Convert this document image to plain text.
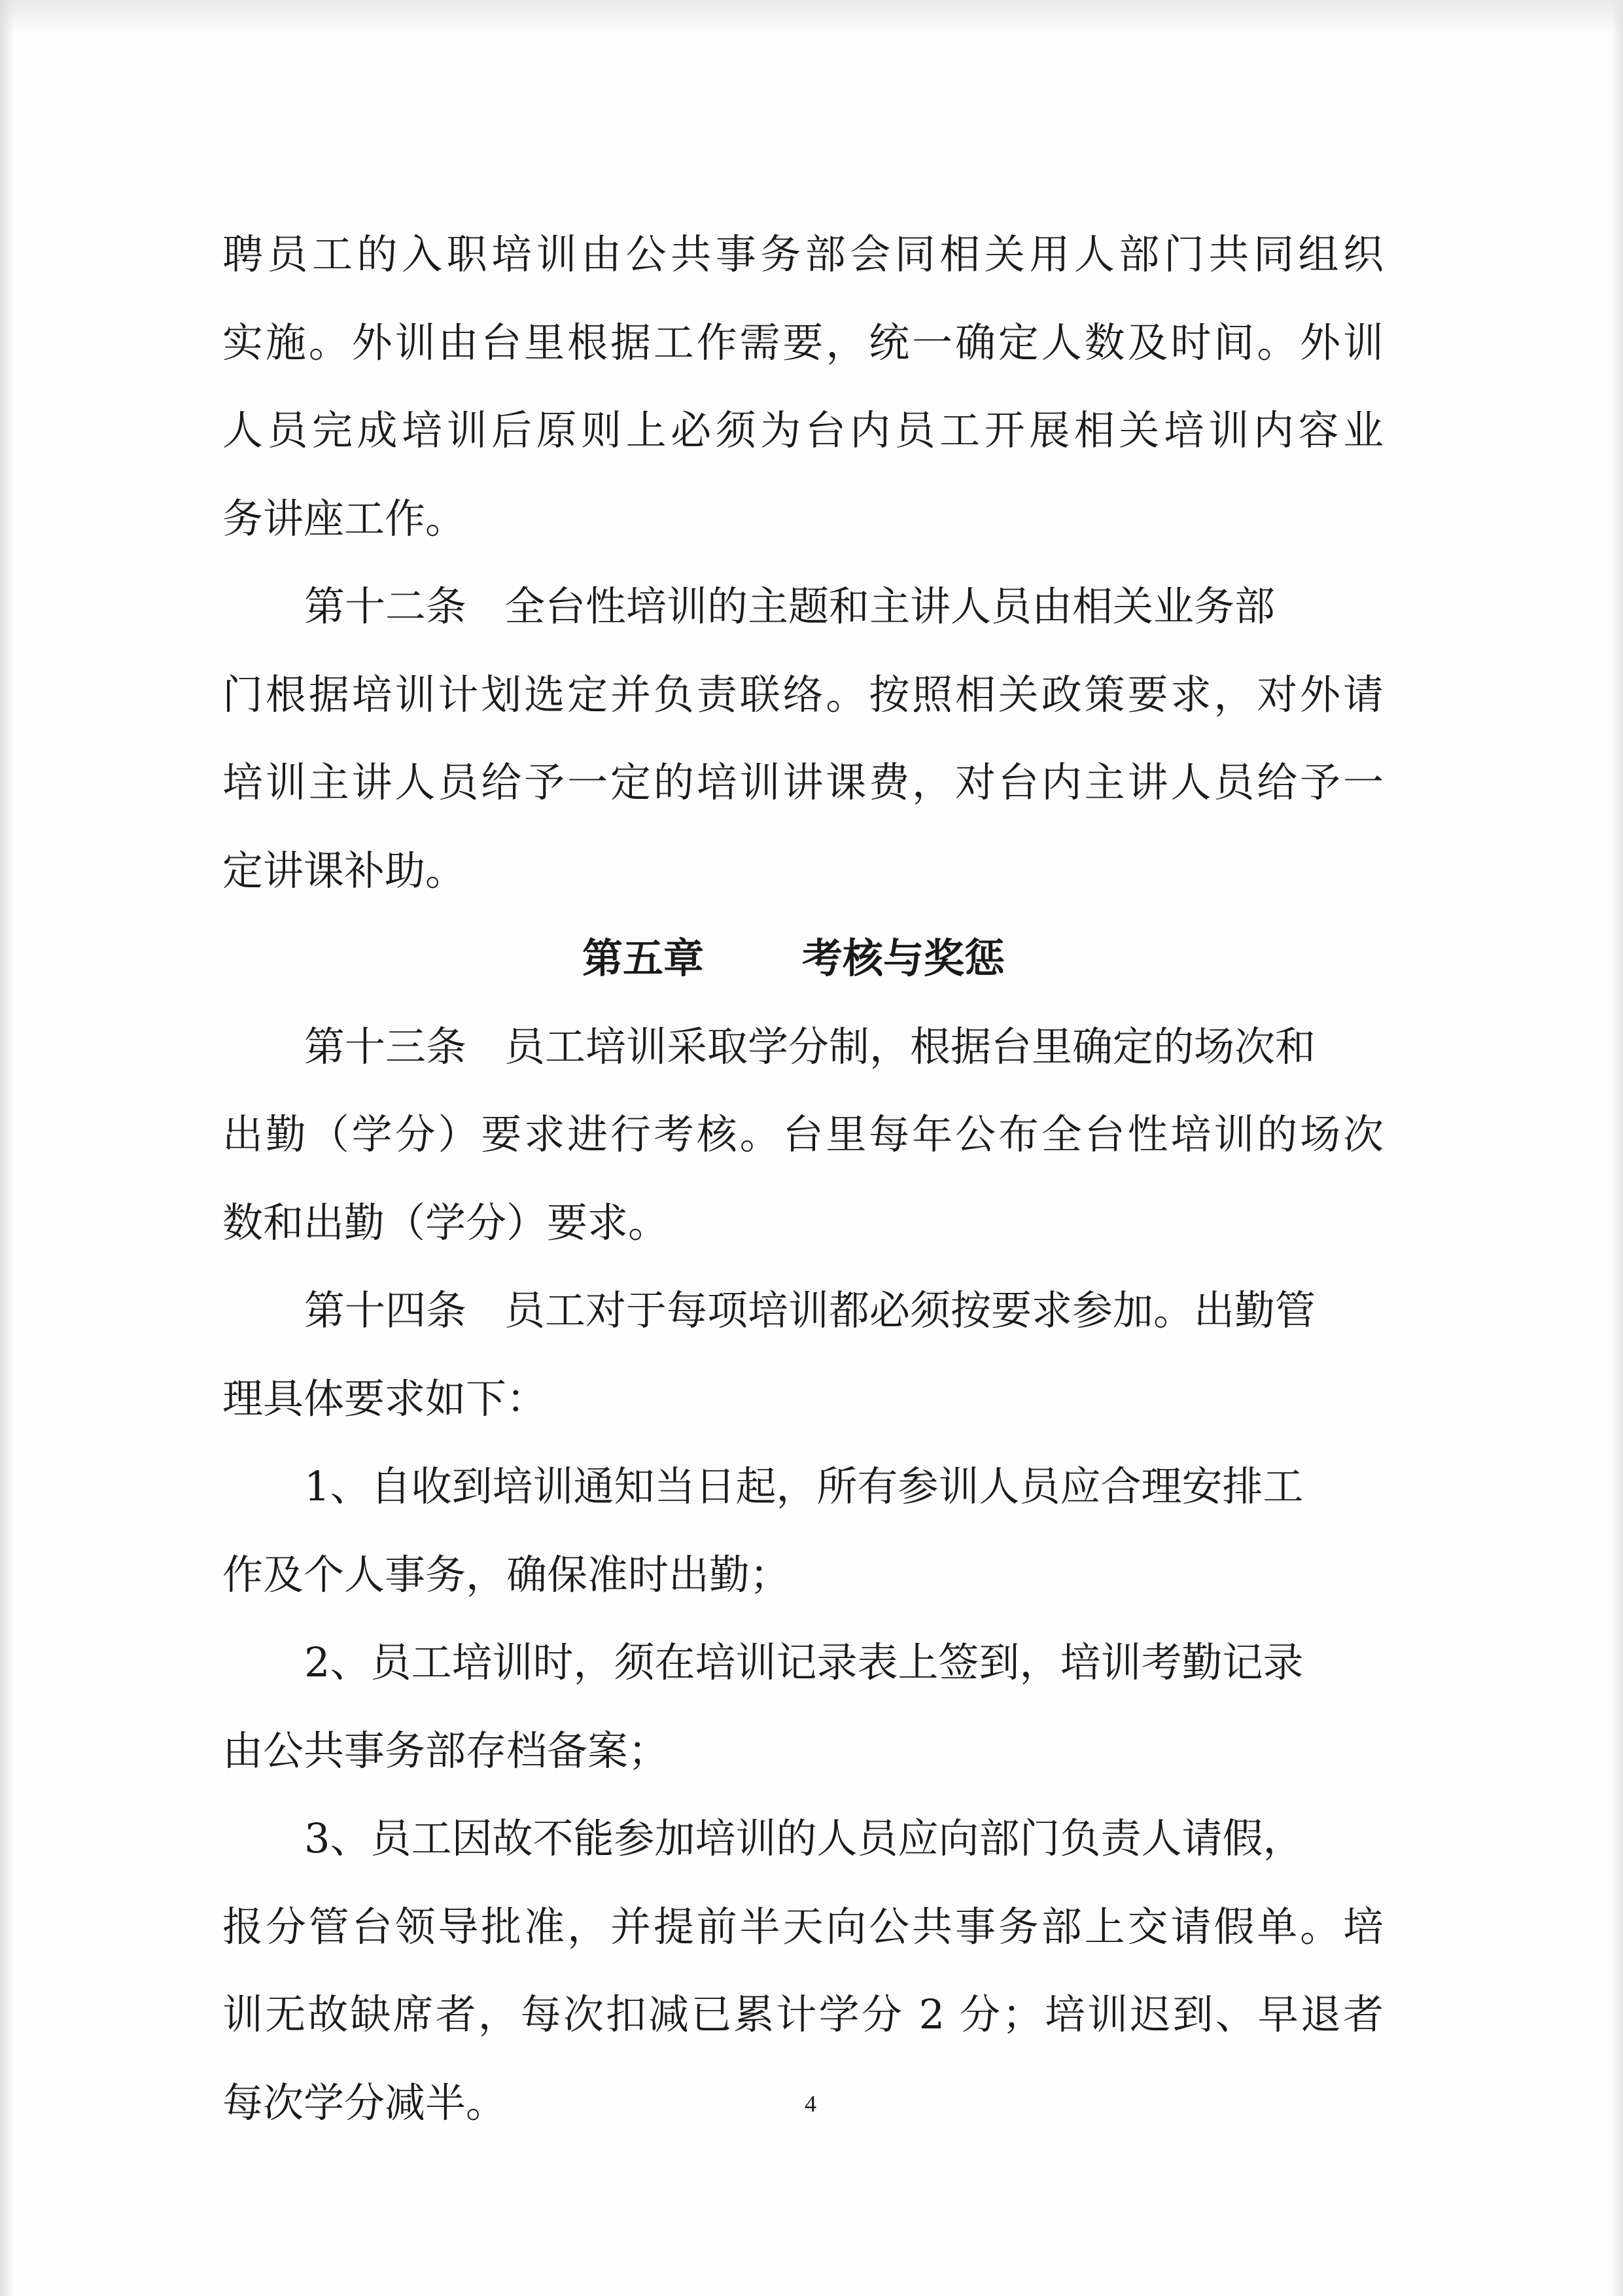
聘员工的入职培训由公共事务部会同相关用人部门共同组织
实施。外训由台里根据工作需要，统一确定人数及时间。外训
人员完成培训后原则上必须为台内员工开展相关培训内容业
务讲座工作。
第十二条 全台性培训的主题和主讲人员由相关业务部
门根据培训计划选定并负责联络。按照相关政策要求，对外请
培训主讲人员给予一定的培训讲课费，对台内主讲人员给予一
定讲课补助。
第五章 考核与奖惩
第十三条 员工培训采取学分制，根据台里确定的场次和
出勤（学分）要求进行考核。台里每年公布全台性培训的场次
数和出勤（学分）要求。
第十四条 员工对于每项培训都必须按要求参加。出勤管
理具体要求如下：
1、自收到培训通知当日起，所有参训人员应合理安排工
作及个人事务，确保准时出勤；
2、员工培训时，须在培训记录表上签到，培训考勤记录
由公共事务部存档备案；
3、员工因故不能参加培训的人员应向部门负责人请假，
报分管台领导批准，并提前半天向公共事务部上交请假单。培
训无故缺席者，每次扣减已累计学分 2 分；培训迟到、早退者
每次学分减半。	4
